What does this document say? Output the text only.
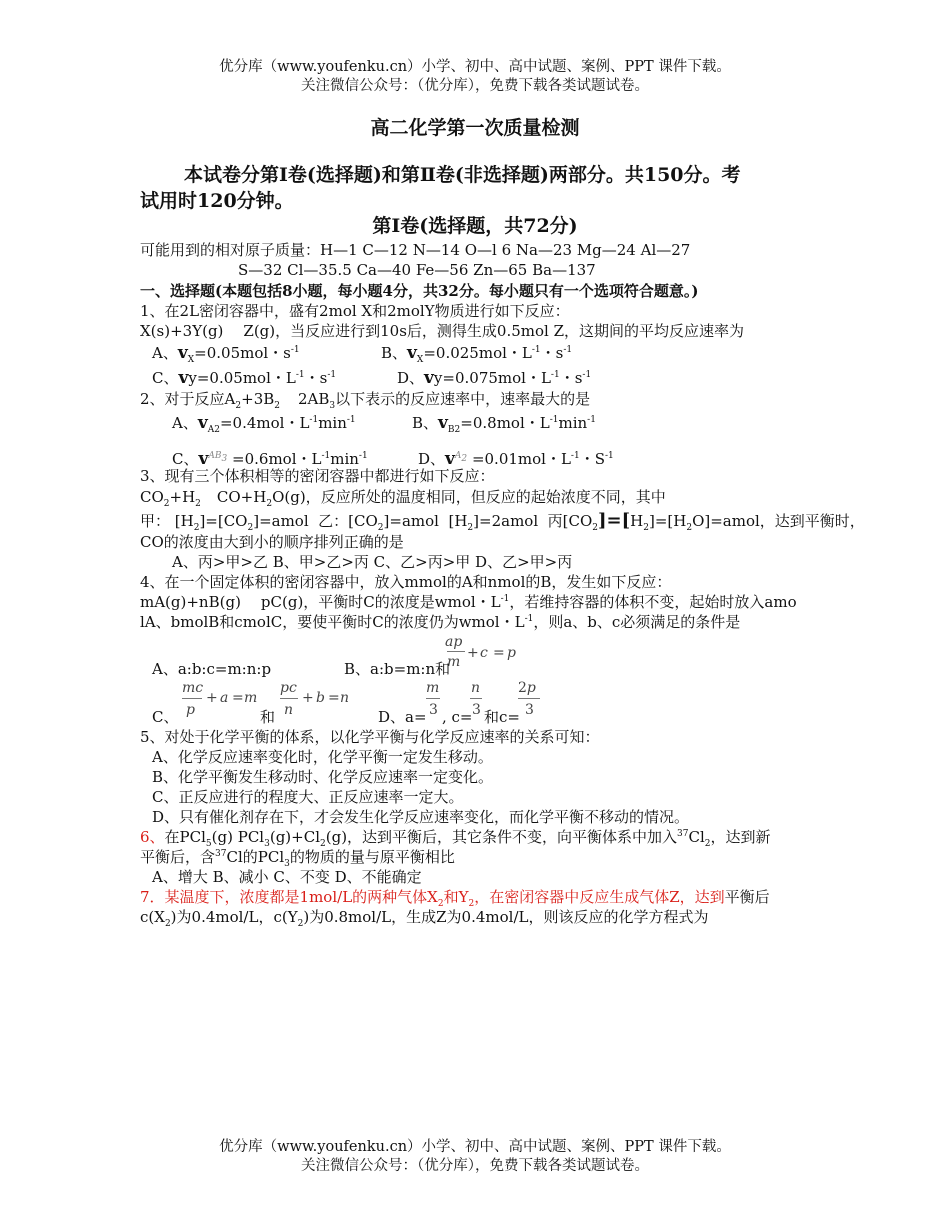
优分库（www.youfenku.cn）小学、初中、高中试题、案例、PPT 课件下载。
关注微信公众号：（优分库），免费下载各类试题试卷。
高二化学第一次质量检测
本试卷分第Ⅰ卷(选择题)和第Ⅱ卷(非选择题)两部分。共150分。考
试用时120分钟。
第Ⅰ卷(选择题，共72分)
可能用到的相对原子质量：H—1 C—12 N—14 O—l 6 Na—23 Mg—24 Al—27
S—32 Cl—35.5 Ca—40 Fe—56 Zn—65 Ba—137
一、选择题(本题包括8小题，每小题4分，共32分。每小题只有一个选项符合题意。)
1、在2L密闭容器中，盛有2mol X和2molY物质进行如下反应：
X(s)+3Y(g) Z(g)，当反应进行到10s后，测得生成0.5mol Z，这期间的平均反应速率为
A、$v_X=0.05mol$・$s^{-1}$	B、$v_X=0.025mol$・$L^{-1}$・$s^{-1}$
C、vy=0.05mol・$L^{-1}$・$s^{-1}$	D、vy=0.075mol・$L^{-1}$・$s^{-1}$
2、对于反应$A_2+3B_2$ $2AB_3$以下表示的反应速率中，速率最大的是
A、$v_{A2}=0.4mol$・$L^{-1}\min^{-1}$	B、$v_{B2}=0.8mol$・$L^{-1}\min^{-1}$
C、$v^{AB_3} =0.6mol$・$L^{-1}\min^{-1}$	D、$v^{A_2} =0.01mol$・$L^{-1}$・$S^{-1}$
3、现有三个体积相等的密闭容器中都进行如下反应：
$CO_2+H_2$ $CO+H_2O(g)$，反应所处的温度相同，但反应的起始浓度不同，其中
甲： $[H_2]=[CO_2]=amol$  乙：$[CO_2]=amol$  $[H_2]=2amol$  丙$[CO_2]=[H_2]=[H_2O]=amol$，达到平衡时，
CO的浓度由大到小的顺序排列正确的是
A、丙>甲>乙 B、甲>乙>丙 C、乙>丙>甲 D、乙>甲>丙
4、在一个固定体积的密闭容器中，放入mmol的A和nmol的B，发生如下反应：
mA(g)+nB(g) pC(g)，平衡时C的浓度是wmol・$L^{-1}$，若维持容器的体积不变，起始时放入amo
lA、bmolB和cmolC，要使平衡时C的浓度仍为wmol・$L^{-1}$，则a、b、c必须满足的条件是
ap
m
+ c = p
A、a:b:c=m:n:p	B、a:b=m:n和
mc
p
+ a = m
pc
n
+ b = n
m
3
n
3
2p
3
C、	和	D、a= , c= 和c=
5、对处于化学平衡的体系，以化学平衡与化学反应速率的关系可知：
A、化学反应速率变化时，化学平衡一定发生移动。
B、化学平衡发生移动时、化学反应速率一定变化。
C、正反应进行的程度大、正反应速率一定大。
D、只有催化剂存在下，才会发生化学反应速率变化，而化学平衡不移动的情况。
6、在PCl$_5$(g) $PCl_3(g)+Cl_2(g)$，达到平衡后，其它条件不变，向平衡体系中加入$^{37}Cl_2$，达到新
平衡后，含$^{37}$Cl的PCl$_3$的物质的量与原平衡相比
A、增大 B、减小 C、不变 D、不能确定
7．某温度下，浓度都是1mol/L的两种气体$X_2$和$Y_2$，在密闭容器中反应生成气体Z，达到平衡后
$c(X_2)$为0.4mol/L，$c(Y_2)$为0.8mol/L，生成Z为0.4mol/L，则该反应的化学方程式为
优分库（www.youfenku.cn）小学、初中、高中试题、案例、PPT 课件下载。
关注微信公众号：（优分库），免费下载各类试题试卷。
